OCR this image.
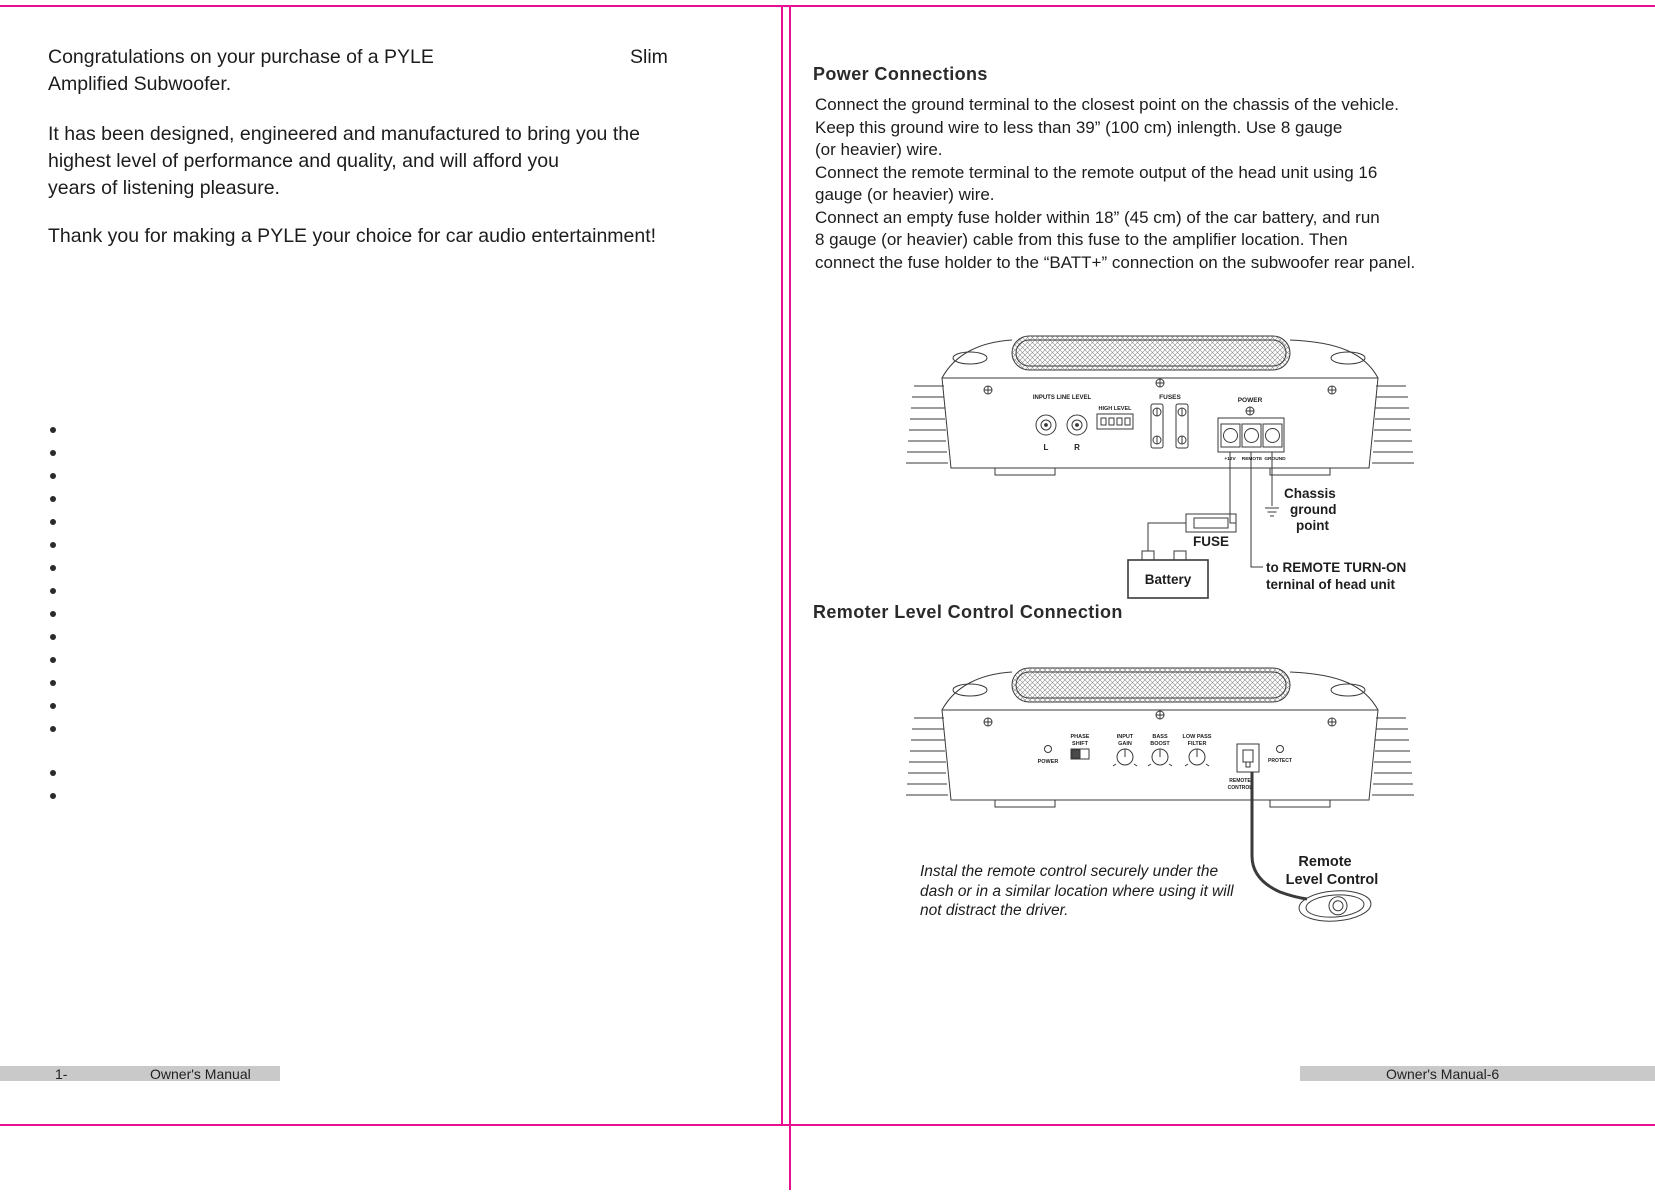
Congratulations on your purchase of a PYLE	Slim
Amplified Subwoofer.
It has been designed, engineered and manufactured to bring you the
highest level of performance and quality, and will afford you
years of listening pleasure.
Thank you for making a PYLE your choice for car audio entertainment!
1-	Owner's Manual
Power Connections
Connect the ground terminal to the closest point on the chassis of the vehicle.
Keep this ground wire to less than 39” (100 cm) inlength. Use 8 gauge
(or heavier) wire.
Connect the remote terminal to the remote output of the head unit using 16
gauge (or heavier) wire.
Connect an empty fuse holder within 18” (45 cm) of the car battery, and run
8 gauge (or heavier) cable from this fuse to the amplifier location. Then
connect the fuse holder to the “BATT+” connection on the subwoofer rear panel.
Remoter Level Control Connection
Instal the remote control securely under the
dash or in a similar location where using it will
not distract the driver.
Owner's Manual-6
INPUTS LINE LEVEL
L	R
HIGH LEVEL
FUSES	POWER
+12V REMOTE GROUND
Chassis
ground
point
FUSE
Battery
to REMOTE TURN-ON
terninal of head unit
POWER
PHASE
SHIFT
INPUT
GAIN
BASS
BOOST
LOW PASS
FILTER
REMOTE
CONTROL
PROTECT
Remote
Level Control
